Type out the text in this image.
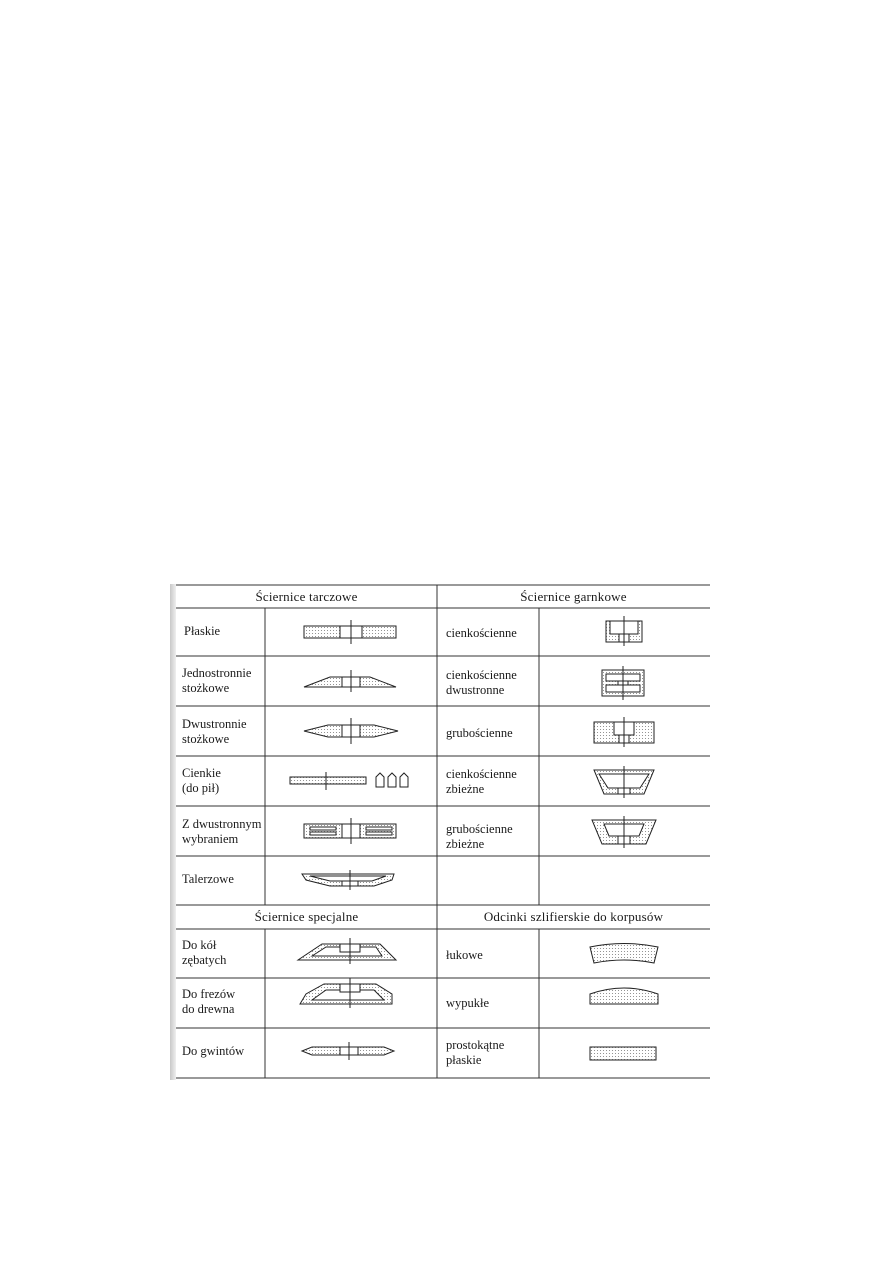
Ściernice tarczowe	Ściernice garnkowe
Ściernice specjalne	Odcinki szlifierskie do korpusów
Płaskie
Jednostronnie
stożkowe
Dwustronnie
stożkowe
Cienkie
(do pił)
Z dwustronnym
wybraniem
Talerzowe
cienkościenne
cienkościenne
dwustronne
grubościenne
cienkościenne
zbieżne
grubościenne
zbieżne
Do kół
zębatych
Do frezów
do drewna
Do gwintów
łukowe
wypukłe
prostokątne
płaskie
